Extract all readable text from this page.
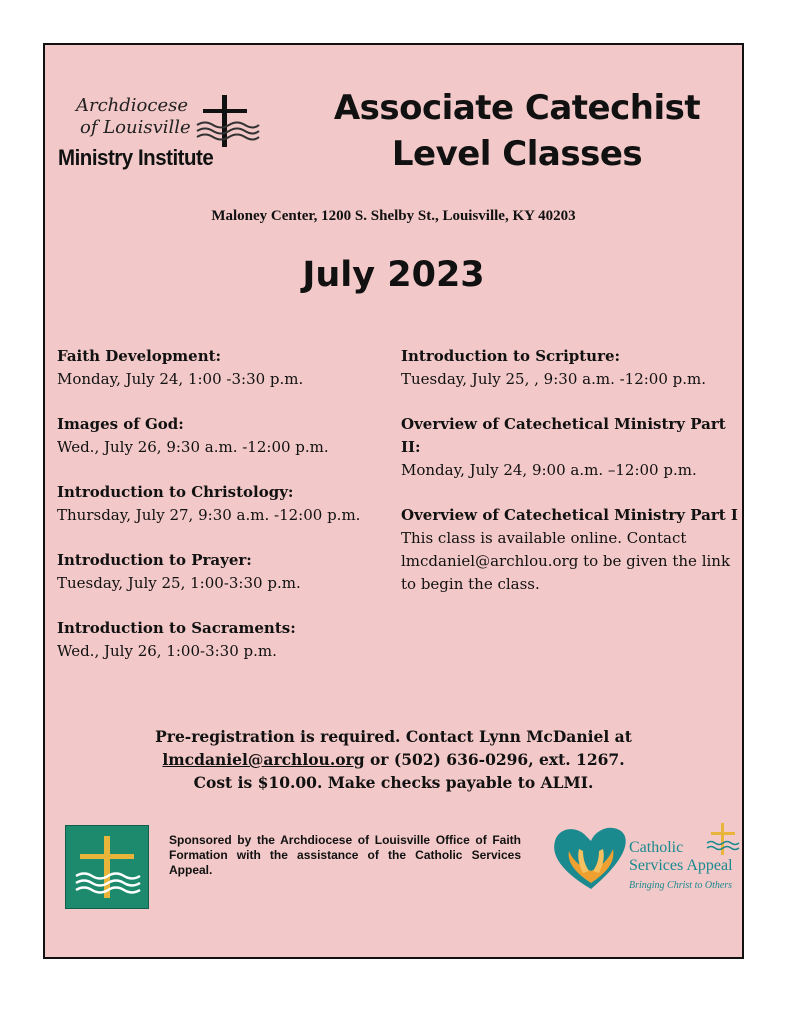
Archdiocese
of Louisville
Ministry Institute
Associate Catechist
Level Classes
Maloney Center, 1200 S. Shelby St., Louisville, KY 40203
July 2023
Faith Development:
Monday, July 24, 1:00 -3:30 p.m.
Images of God:
Wed., July 26, 9:30 a.m. -12:00 p.m.
Introduction to Christology:
Thursday, July 27, 9:30 a.m. -12:00 p.m.
Introduction to Prayer:
Tuesday, July 25, 1:00-3:30 p.m.
Introduction to Sacraments:
Wed., July 26, 1:00-3:30 p.m.
Introduction to Scripture:
Tuesday, July 25, , 9:30 a.m. -12:00 p.m.
Overview of Catechetical Ministry Part II:
Monday, July 24, 9:00 a.m. –12:00 p.m.
Overview of Catechetical Ministry Part I
This class is available online. Contact lmcdaniel@archlou.org to be given the link to begin the class.
Pre-registration is required. Contact Lynn McDaniel at
lmcdaniel@archlou.org or (502) 636-0296, ext. 1267.
Cost is $10.00. Make checks payable to ALMI.
Sponsored by the Archdiocese of Louisville Office of Faith Formation with the assistance of the Catholic Services Appeal.
Catholic
Services Appeal
Bringing Christ to Others
